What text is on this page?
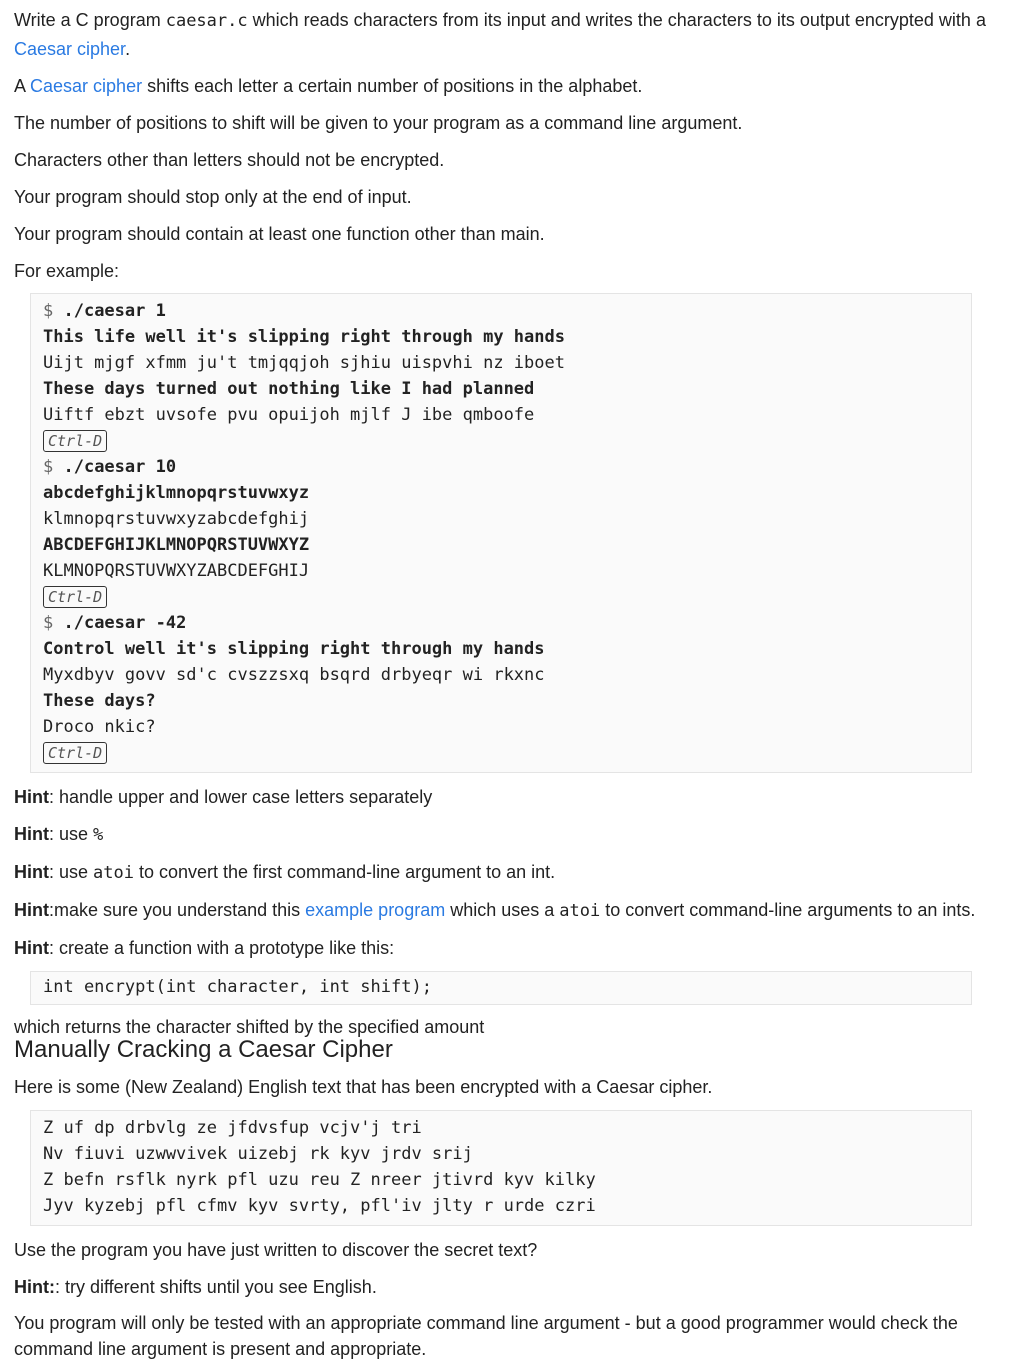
Write a C program caesar.c which reads characters from its input and writes the characters to its output encrypted with a Caesar cipher.

A Caesar cipher shifts each letter a certain number of positions in the alphabet.

The number of positions to shift will be given to your program as a command line argument.

Characters other than letters should not be encrypted.

Your program should stop only at the end of input.

Your program should contain at least one function other than main.

For example:

$ ./caesar 1
This life well it's slipping right through my hands
Uijt mjgf xfmm ju't tmjqqjoh sjhiu uispvhi nz iboet
These days turned out nothing like I had planned
Uiftf ebzt uvsofe pvu opuijoh mjlf J ibe qmboofe
Ctrl-D
$ ./caesar 10
abcdefghijklmnopqrstuvwxyz
klmnopqrstuvwxyzabcdefghij
ABCDEFGHIJKLMNOPQRSTUVWXYZ
KLMNOPQRSTUVWXYZABCDEFGHIJ
Ctrl-D
$ ./caesar -42
Control well it's slipping right through my hands
Myxdbyv govv sd'c cvszzsxq bsqrd drbyeqr wi rkxnc
These days?
Droco nkic?
Ctrl-D

Hint: handle upper and lower case letters separately

Hint: use %

Hint: use atoi to convert the first command-line argument to an int.

Hint:make sure you understand this example program which uses a atoi to convert command-line arguments to an ints.

Hint: create a function with a prototype like this:

int encrypt(int character, int shift);

which returns the character shifted by the specified amount

Manually Cracking a Caesar Cipher

Here is some (New Zealand) English text that has been encrypted with a Caesar cipher.

Z uf dp drbvlg ze jfdvsfup vcjv'j tri
Nv fiuvi uzwwvivek uizebj rk kyv jrdv srij
Z befn rsflk nyrk pfl uzu reu Z nreer jtivrd kyv kilky
Jyv kyzebj pfl cfmv kyv svrty, pfl'iv jlty r urde czri

Use the program you have just written to discover the secret text?

Hint:: try different shifts until you see English.

You program will only be tested with an appropriate command line argument - but a good programmer would check the command line argument is present and appropriate.
